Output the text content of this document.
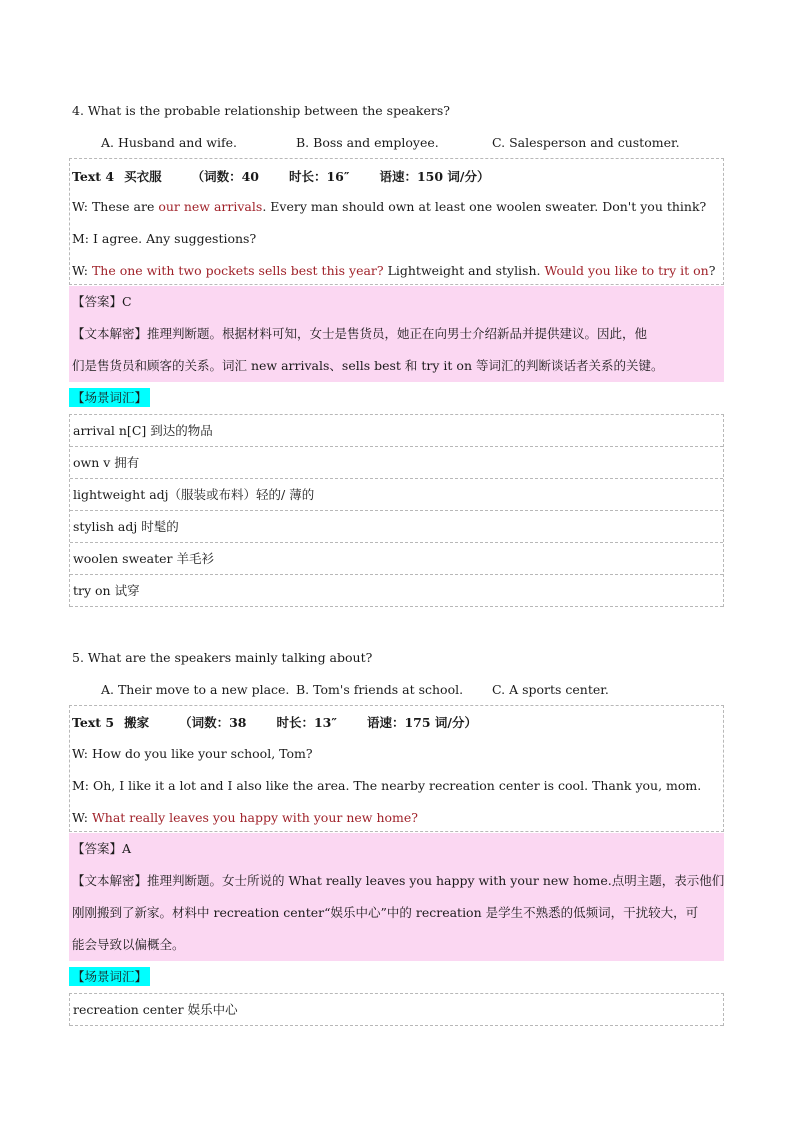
4. What is the probable relationship between the speakers?
A. Husband and wife.	B. Boss and employee.	C. Salesperson and customer.
Text 4 买衣服 （词数：40 时长：16″ 语速：150 词/分）
W: These are our new arrivals. Every man should own at least one woolen sweater. Don't you think?
M: I agree. Any suggestions?
W: The one with two pockets sells best this year? Lightweight and stylish. Would you like to try it on?
【答案】C
【文本解密】推理判断题。根据材料可知，女士是售货员，她正在向男士介绍新品并提供建议。因此，他
们是售货员和顾客的关系。词汇 new arrivals、sells best 和 try it on 等词汇的判断谈话者关系的关键。
【场景词汇】
arrival n[C] 到达的物品
own v 拥有
lightweight adj（服装或布料）轻的/ 薄的
stylish adj 时髦的
woolen sweater 羊毛衫
try on 试穿
5. What are the speakers mainly talking about?
A. Their move to a new place. B. Tom's friends at school. C. A sports center.
Text 5 搬家 （词数：38 时长：13″ 语速：175 词/分）
W: How do you like your school, Tom?
M: Oh, I like it a lot and I also like the area. The nearby recreation center is cool. Thank you, mom.
W: What really leaves you happy with your new home?
【答案】A
【文本解密】推理判断题。女士所说的 What really leaves you happy with your new home.点明主题，表示他们
刚刚搬到了新家。材料中 recreation center“娱乐中心”中的 recreation 是学生不熟悉的低频词，干扰较大，可
能会导致以偏概全。
【场景词汇】
recreation center 娱乐中心
